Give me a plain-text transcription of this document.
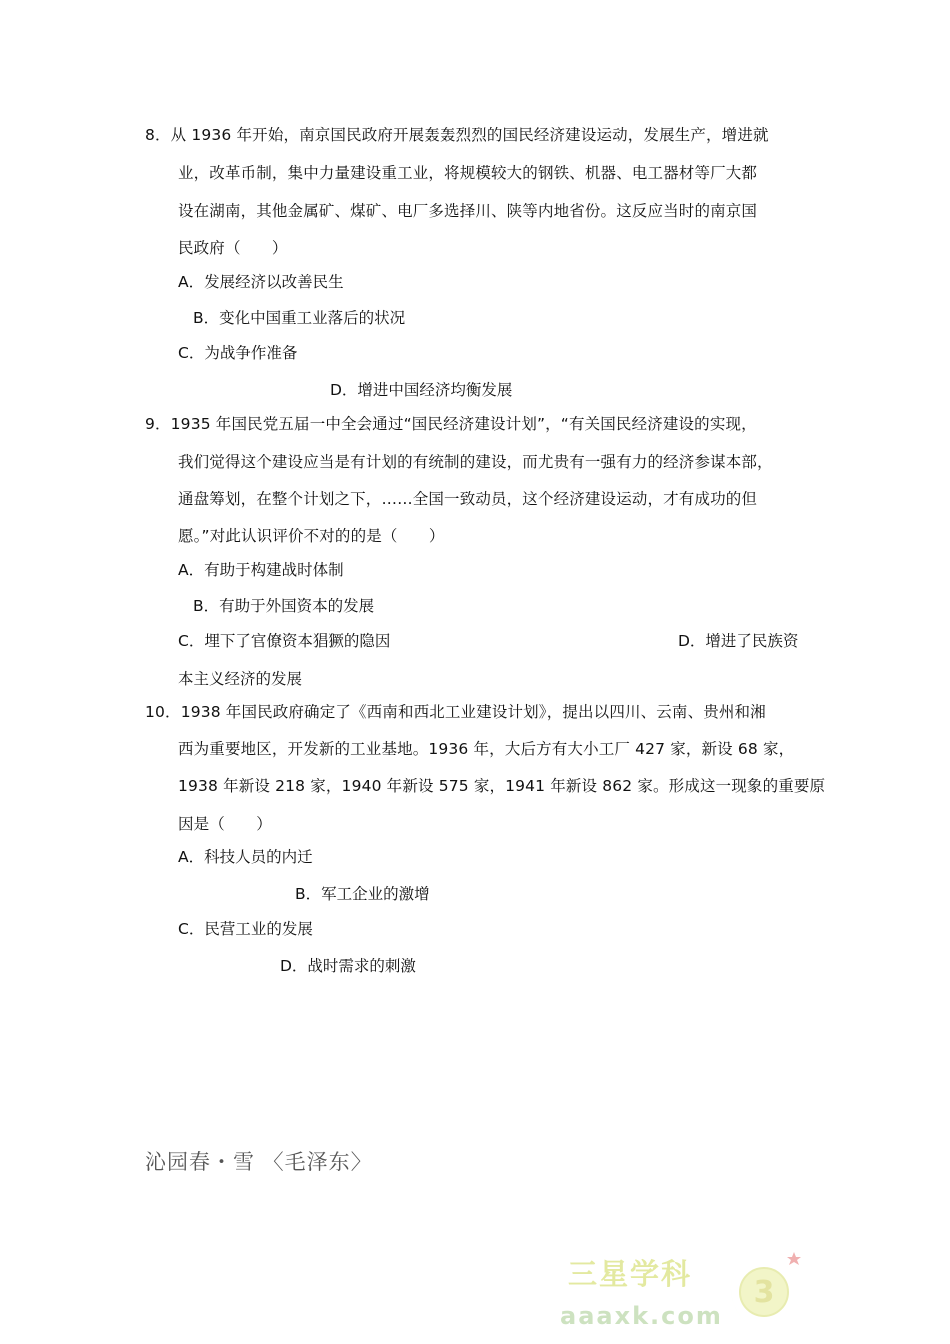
8．从 1936 年开始，南京国民政府开展轰轰烈烈的国民经济建设运动，发展生产，增进就
业，改革币制，集中力量建设重工业，将规模较大的钢铁、机器、电工器材等厂大都
设在湖南，其他金属矿、煤矿、电厂多选择川、陕等内地省份。这反应当时的南京国
民政府（　　）
A．发展经济以改善民生
B．变化中国重工业落后的状况
C．为战争作准备
D．增进中国经济均衡发展
9．1935 年国民党五届一中全会通过“国民经济建设计划”，“有关国民经济建设的实现，
我们觉得这个建设应当是有计划的有统制的建设，而尤贵有一强有力的经济参谋本部，
通盘筹划，在整个计划之下，……全国一致动员，这个经济建设运动，才有成功的但
愿。”对此认识评价不对的的是（　　）
A．有助于构建战时体制
B．有助于外国资本的发展
C．埋下了官僚资本猖獗的隐因	D．增进了民族资
本主义经济的发展
10．1938 年国民政府确定了《西南和西北工业建设计划》，提出以四川、云南、贵州和湘
西为重要地区，开发新的工业基地。1936 年，大后方有大小工厂 427 家，新设 68 家，
1938 年新设 218 家，1940 年新设 575 家，1941 年新设 862 家。形成这一现象的重要原
因是（　　）
A．科技人员的内迁
B．军工企业的激增
C．民营工业的发展
D．战时需求的刺激
沁园春・雪 〈毛泽东〉
三星学科
aaaxk.com
3
